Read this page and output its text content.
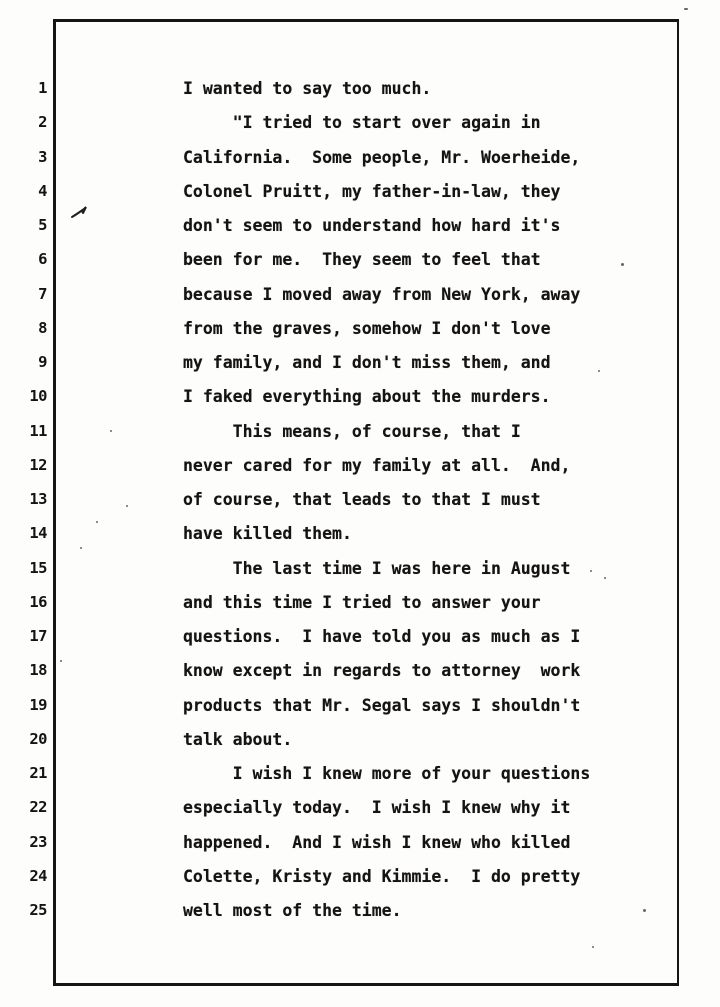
1	I wanted to say too much.
2	"I tried to start over again in
3	California.  Some people, Mr. Woerheide,
4	Colonel Pruitt, my father-in-law, they
5	don't seem to understand how hard it's
6	been for me.  They seem to feel that
7	because I moved away from New York, away
8	from the graves, somehow I don't love
9	my family, and I don't miss them, and
10	I faked everything about the murders.
11	This means, of course, that I
12	never cared for my family at all.  And,
13	of course, that leads to that I must
14	have killed them.
15	The last time I was here in August
16	and this time I tried to answer your
17	questions.  I have told you as much as I
18	know except in regards to attorney  work
19	products that Mr. Segal says I shouldn't
20	talk about.
21	I wish I knew more of your questions
22	especially today.  I wish I knew why it
23	happened.  And I wish I knew who killed
24	Colette, Kristy and Kimmie.  I do pretty
25	well most of the time.
